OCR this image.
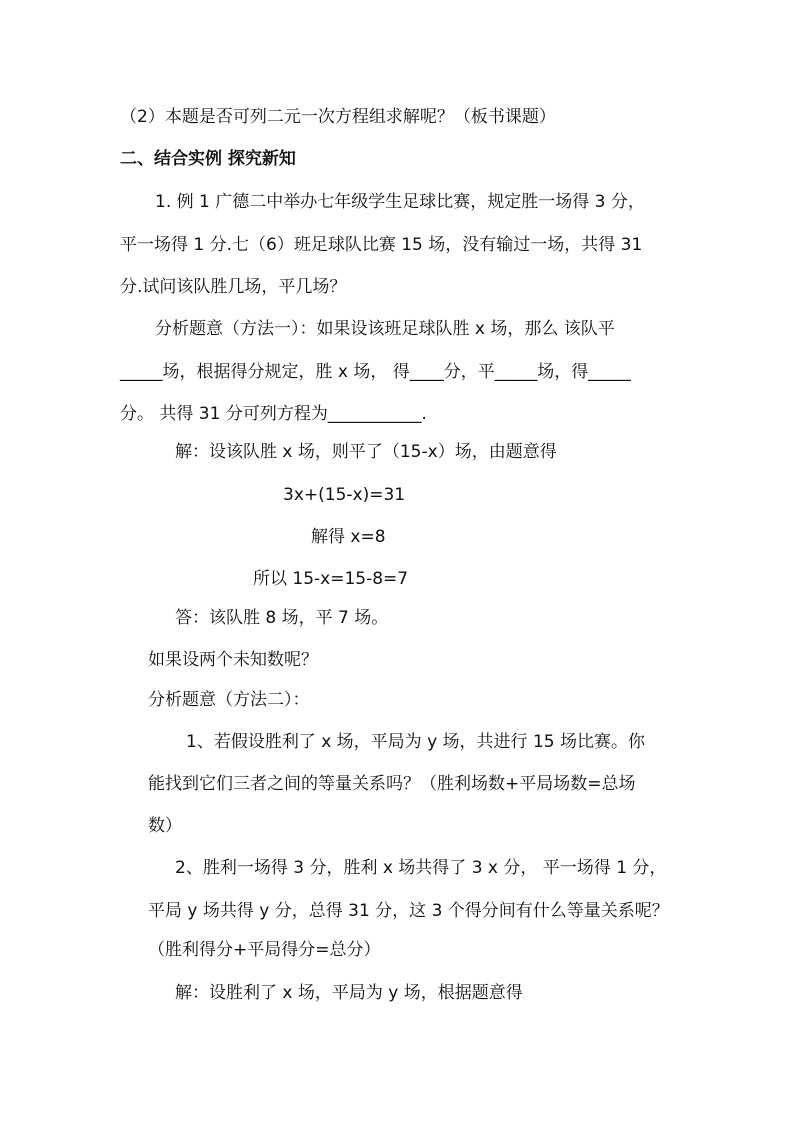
（2）本题是否可列二元一次方程组求解呢？（板书课题）

二、结合实例 探究新知

1. 例 1 广德二中举办七年级学生足球比赛，规定胜一场得 3 分，

平一场得 1 分.七（6）班足球队比赛 15 场，没有输过一场，共得 31

分.试问该队胜几场，平几场？

分析题意（方法一）：如果设该班足球队胜 x 场，那么 该队平

_____场，根据得分规定，胜 x 场， 得____分，平_____场，得_____

分。 共得 31 分可列方程为___________.

解：设该队胜 x 场，则平了（15-x）场，由题意得

3x+(15-x)=31

解得 x=8

所以 15-x=15-8=7

答：该队胜 8 场，平 7 场。

如果设两个未知数呢？

分析题意（方法二）：

1、若假设胜利了 x 场，平局为 y 场，共进行 15 场比赛。你

能找到它们三者之间的等量关系吗？（胜利场数+平局场数=总场

数）

2、胜利一场得 3 分，胜利 x 场共得了 3 x 分， 平一场得 1 分，

平局 y 场共得 y 分，总得 31 分，这 3 个得分间有什么等量关系呢？

（胜利得分+平局得分=总分）

解：设胜利了 x 场，平局为 y 场，根据题意得
